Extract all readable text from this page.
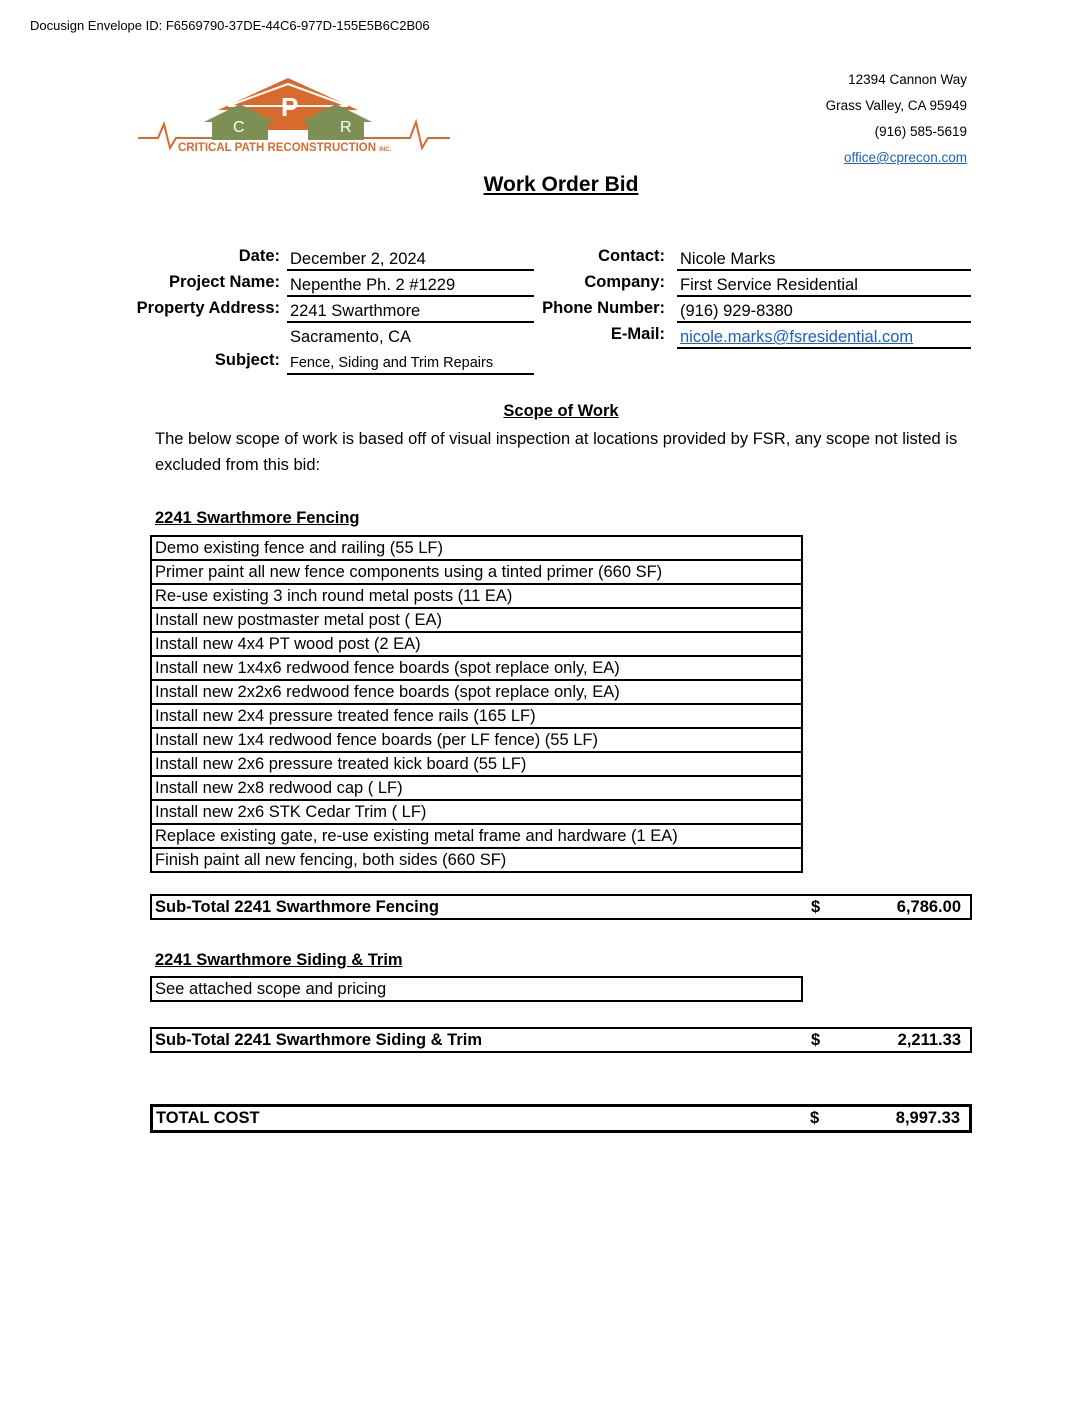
Docusign Envelope ID: F6569790-37DE-44C6-977D-155E5B6C2B06
P
C	R
CRITICAL PATH RECONSTRUCTION INC.
12394 Cannon Way
Grass Valley, CA 95949
(916) 585-5619
office@cprecon.com
Work Order Bid
Date: December 2, 2024
Project Name: Nepenthe Ph. 2 #1229
Property Address: 2241 Swarthmore
Sacramento, CA
Subject: Fence, Siding and Trim Repairs
Contact: Nicole Marks
Company: First Service Residential
Phone Number: (916) 929-8380
E-Mail: nicole.marks@fsresidential.com
Scope of Work
The below scope of work is based off of visual inspection at locations provided by FSR, any scope not listed is excluded from this bid:
2241 Swarthmore Fencing
Demo existing fence and railing (55 LF)
Primer paint all new fence components using a tinted primer (660 SF)
Re-use existing 3 inch round metal posts (11 EA)
Install new postmaster metal post ( EA)
Install new 4x4 PT wood post (2 EA)
Install new 1x4x6 redwood fence boards (spot replace only, EA)
Install new 2x2x6 redwood fence boards (spot replace only, EA)
Install new 2x4 pressure treated fence rails (165 LF)
Install new 1x4 redwood fence boards (per LF fence) (55 LF)
Install new 2x6 pressure treated kick board (55 LF)
Install new 2x8 redwood cap ( LF)
Install new 2x6 STK Cedar Trim ( LF)
Replace existing gate, re-use existing metal frame and hardware (1 EA)
Finish paint all new fencing, both sides (660 SF)
Sub-Total 2241 Swarthmore Fencing	$	6,786.00
2241 Swarthmore Siding & Trim
See attached scope and pricing
Sub-Total 2241 Swarthmore Siding & Trim	$	2,211.33
TOTAL COST	$	8,997.33
